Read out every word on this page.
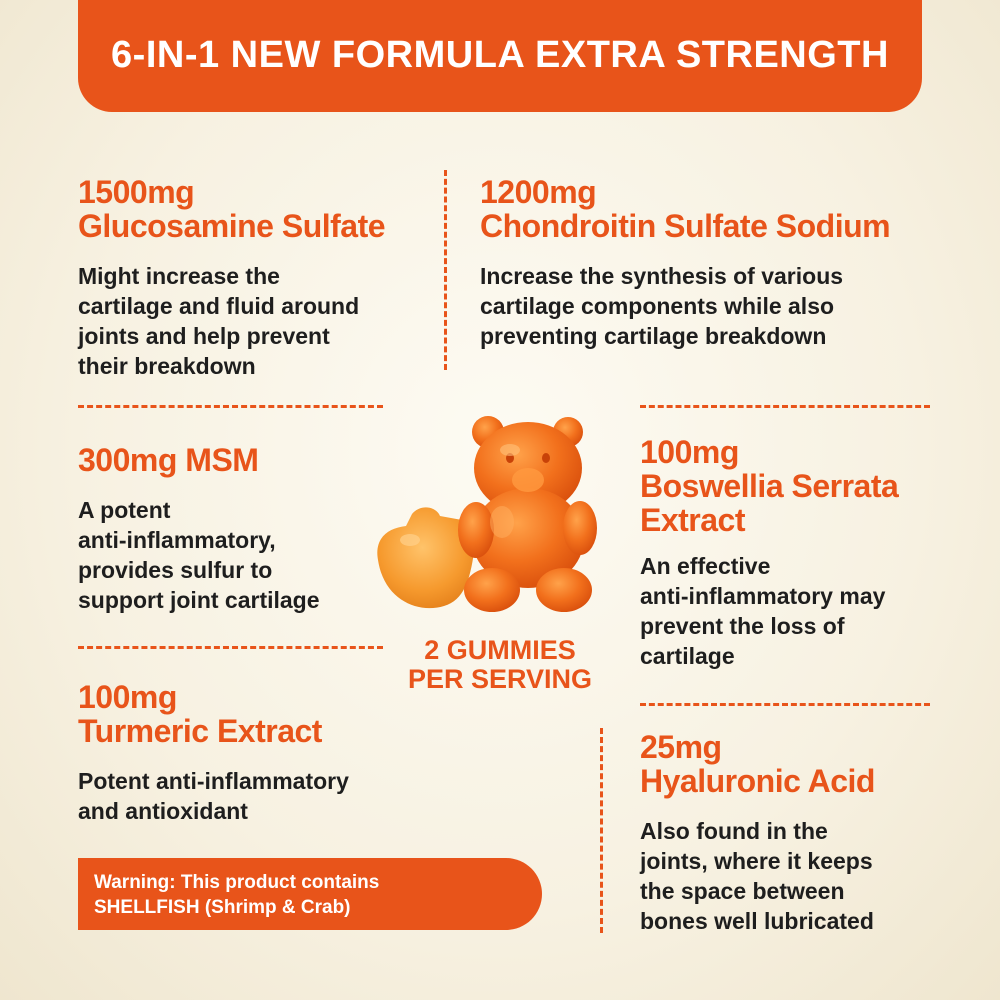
6-IN-1 NEW FORMULA EXTRA STRENGTH
1500mg
Glucosamine Sulfate
Might increase the
cartilage and fluid around
joints and help prevent
their breakdown
1200mg
Chondroitin Sulfate Sodium
Increase the synthesis of various
cartilage components while also
preventing cartilage breakdown
300mg MSM
A potent
anti-inflammatory,
provides sulfur to
support joint cartilage
100mg
Boswellia Serrata
Extract
An effective
anti-inflammatory may
prevent the loss of
cartilage
100mg
Turmeric Extract
Potent anti-inflammatory
and antioxidant
25mg
Hyaluronic Acid
Also found in the
joints, where it keeps
the space between
bones well lubricated
2 GUMMIES
PER SERVING
Warning: This product contains
SHELLFISH (Shrimp & Crab)
